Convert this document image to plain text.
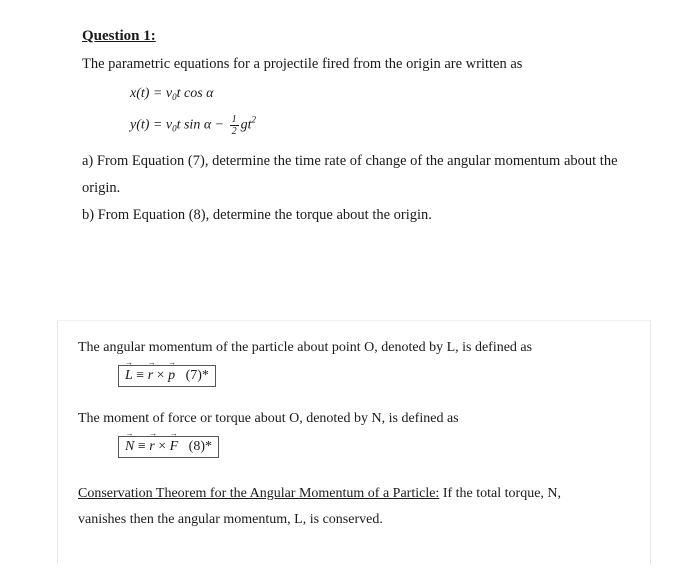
Question 1:
The parametric equations for a projectile fired from the origin are written as
$x(t) = v_0t$ cos α
$y(t) = v_0t$ $\sin \alpha - \frac{1}{2} gt^2$
a) From Equation (7), determine the time rate of change of the angular momentum about the
origin.
b) From Equation (8), determine the torque about the origin.
The angular momentum of the particle about point O, denoted by L, is defined as
→ L ≡ → r × → p (7)*
The moment of force or torque about O, denoted by N, is defined as
→ N ≡ → r × → F (8)*
Conservation Theorem for the Angular Momentum of a Particle: If the total torque, N,
vanishes then the angular momentum, L, is conserved.
